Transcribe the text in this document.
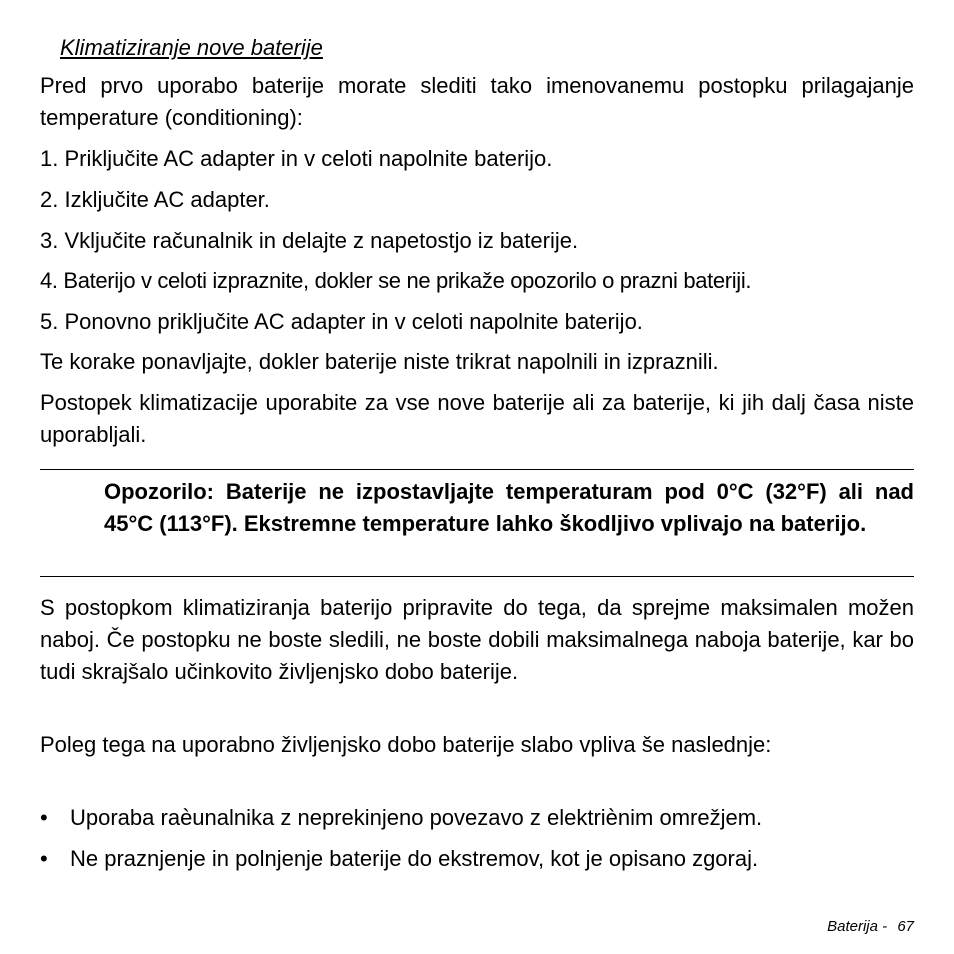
Klimatiziranje nove baterije
Pred prvo uporabo baterije morate slediti tako imenovanemu postopku prilagajanje temperature (conditioning):
1. Priključite AC adapter in v celoti napolnite baterijo.
2. Izključite AC adapter.
3. Vključite računalnik in delajte z napetostjo iz baterije.
4. Baterijo v celoti izpraznite, dokler se ne prikaže opozorilo o prazni bateriji.
5. Ponovno priključite AC adapter in v celoti napolnite baterijo.
Te korake ponavljajte, dokler baterije niste trikrat napolnili in izpraznili.
Postopek klimatizacije uporabite za vse nove baterije ali za baterije, ki jih dalj časa niste uporabljali.
Opozorilo: Baterije ne izpostavljajte temperaturam pod 0°C (32°F) ali nad 45°C (113°F). Ekstremne temperature lahko škodljivo vplivajo na baterijo.
S postopkom klimatiziranja baterijo pripravite do tega, da sprejme maksimalen možen naboj. Če postopku ne boste sledili, ne boste dobili maksimalnega naboja baterije, kar bo tudi skrajšalo učinkovito življenjsko dobo baterije.
Poleg tega na uporabno življenjsko dobo baterije slabo vpliva še naslednje:
•	Uporaba raèunalnika z neprekinjeno povezavo z elektriènim omrežjem.
•	Ne praznjenje in polnjenje baterije do ekstremov, kot je opisano zgoraj.
Baterija - 67
